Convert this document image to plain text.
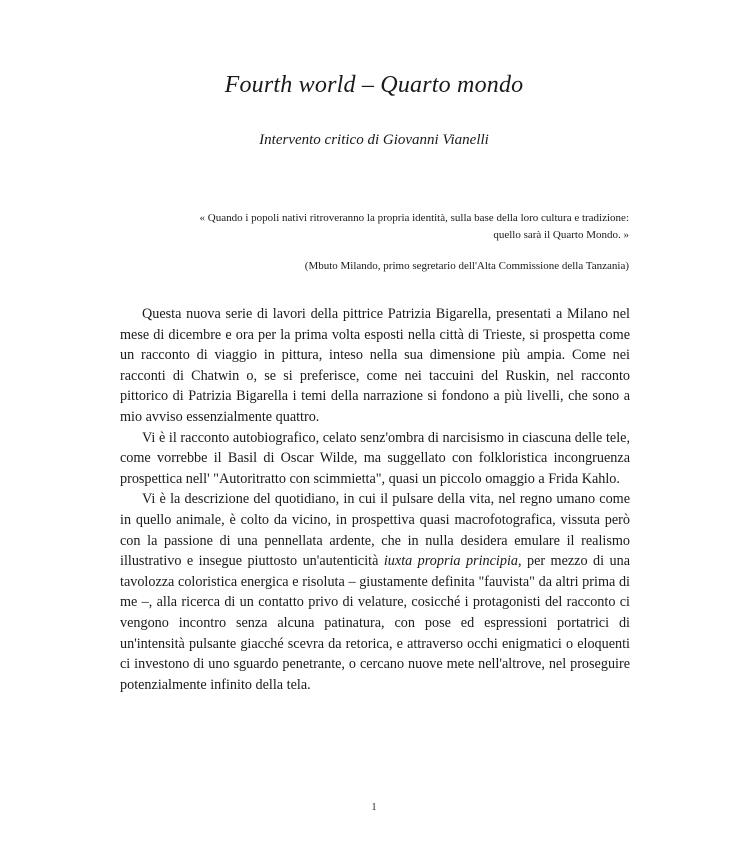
Fourth world – Quarto mondo
Intervento critico di Giovanni Vianelli
« Quando i popoli nativi ritroveranno la propria identità, sulla base della loro cultura e tradizione:
quello sarà il Quarto Mondo. »
(Mbuto Milando, primo segretario dell'Alta Commissione della Tanzania)

Questa nuova serie di lavori della pittrice Patrizia Bigarella, presentati a Milano nel mese di dicembre e ora per la prima volta esposti nella città di Trieste, si prospetta come un racconto di viaggio in pittura, inteso nella sua dimensione più ampia. Come nei racconti di Chatwin o, se si preferisce, come nei taccuini del Ruskin, nel racconto pittorico di Patrizia Bigarella i temi della narrazione si fondono a più livelli, che sono a mio avviso essenzialmente quattro.

Vi è il racconto autobiografico, celato senz'ombra di narcisismo in ciascuna delle tele, come vorrebbe il Basil di Oscar Wilde, ma suggellato con folkloristica incongruenza prospettica nell' "Autoritratto con scimmietta", quasi un piccolo omaggio a Frida Kahlo.

Vi è la descrizione del quotidiano, in cui il pulsare della vita, nel regno umano come in quello animale, è colto da vicino, in prospettiva quasi macrofotografica, vissuta però con la passione di una pennellata ardente, che in nulla desidera emulare il realismo illustrativo e insegue piuttosto un'autenticità iuxta propria principia, per mezzo di una tavolozza coloristica energica e risoluta – giustamente definita "fauvista" da altri prima di me –, alla ricerca di un contatto privo di velature, cosicché i protagonisti del racconto ci vengono incontro senza alcuna patinatura, con pose ed espressioni portatrici di un'intensità pulsante giacché scevra da retorica, e attraverso occhi enigmatici o eloquenti ci investono di uno sguardo penetrante, o cercano nuove mete nell'altrove, nel proseguire potenzialmente infinito della tela.

1
